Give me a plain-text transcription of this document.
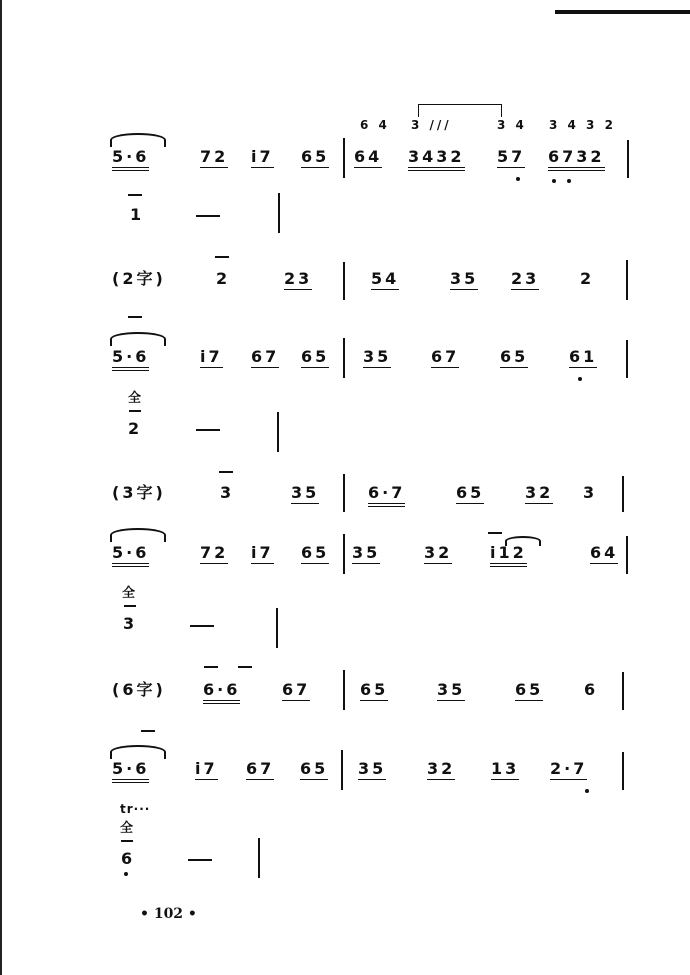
6 4 3 ///	3 4 3 4 3 2
5·6	72 i7 65 64 3432 57 6732
1
(2字)	2	23	54	35 23	2
5·6	i7 67 65 35 67	65	61
全
2
(3字)	3	35	6·7	65	32 3
5·6	72 i7 65 35	32 i12	64
全
3
(6字) 6·6	67	65	35	65	6
5·6	i7 67 65 35	32 13 2·7
tr···
全
6
• 102 •
